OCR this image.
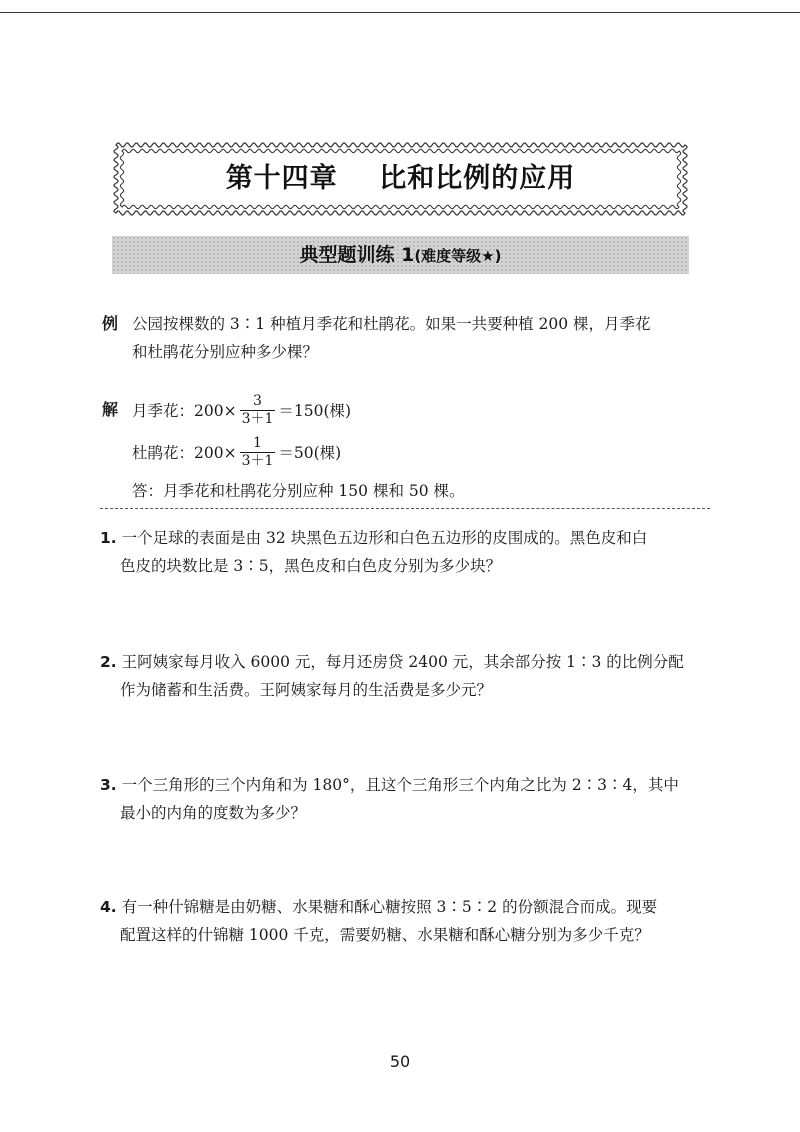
第十四章    比和比例的应用
典型题训练 1(难度等级★)
例 公园按棵数的 3∶1 种植月季花和杜鹃花。如果一共要种植 200 棵，月季花
和杜鹃花分别应种多少棵？
解 月季花：$200\times \frac{3}{3+1} =150$(棵)
杜鹃花：$200\times \frac{1}{3+1} =50$(棵)
答：月季花和杜鹃花分别应种 150 棵和 50 棵。
1. 一个足球的表面是由 32 块黑色五边形和白色五边形的皮围成的。黑色皮和白
色皮的块数比是 3∶5，黑色皮和白色皮分别为多少块？
2. 王阿姨家每月收入 6000 元，每月还房贷 2400 元，其余部分按 1∶3 的比例分配
作为储蓄和生活费。王阿姨家每月的生活费是多少元？
3. 一个三角形的三个内角和为 180°，且这个三角形三个内角之比为 2∶3∶4，其中
最小的内角的度数为多少？
4. 有一种什锦糖是由奶糖、水果糖和酥心糖按照 3∶5∶2 的份额混合而成。现要
配置这样的什锦糖 1000 千克，需要奶糖、水果糖和酥心糖分别为多少千克？
50
